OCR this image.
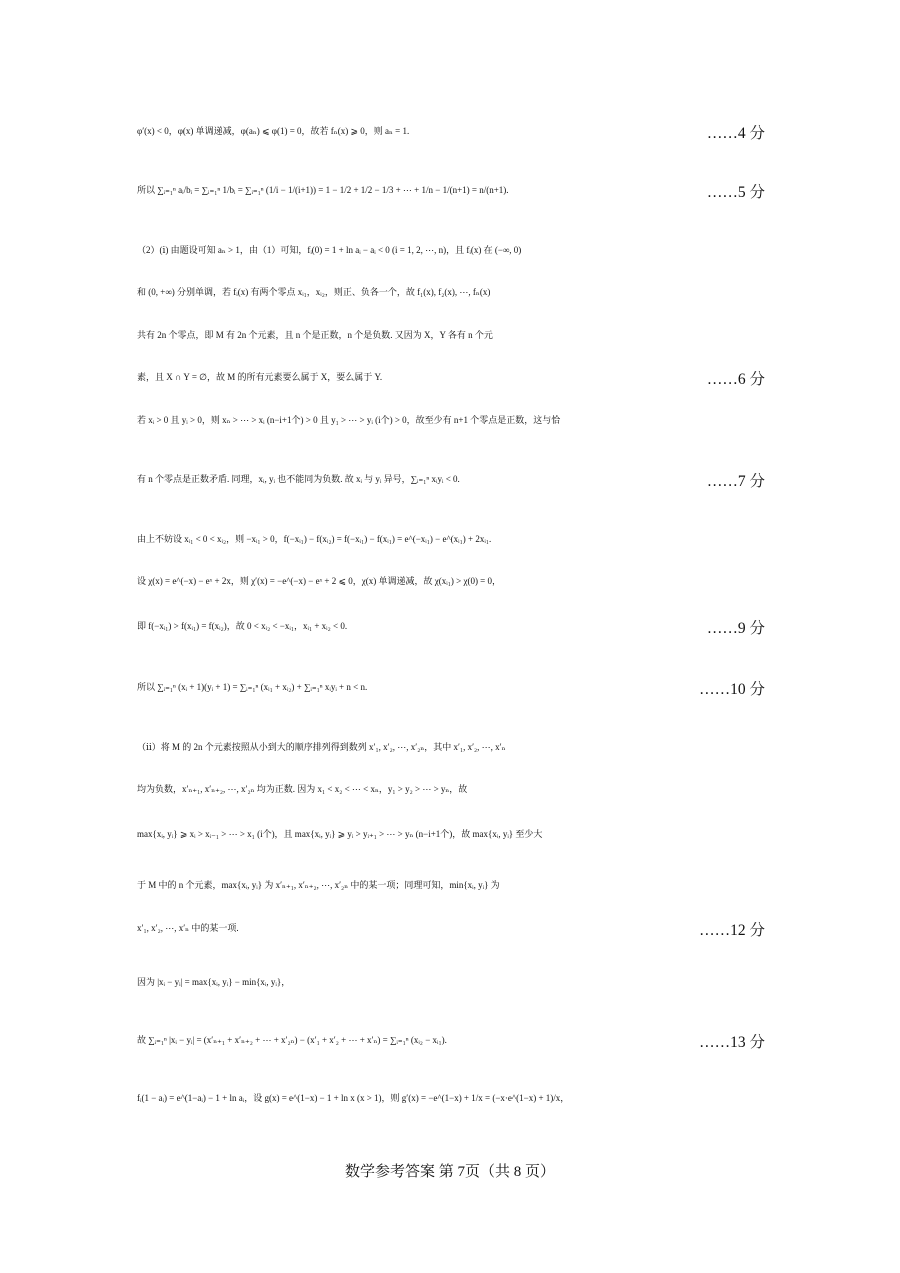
φ′(x) < 0，φ(x) 单调递减，φ(aₙ) ⩽ φ(1) = 0，故若 fₙ(x) ⩾ 0，则 aₙ = 1.	……4 分
所以 ∑ᵢ₌₁ⁿ aᵢ/bᵢ = ∑ᵢ₌₁ⁿ 1/bᵢ = ∑ᵢ₌₁ⁿ (1/i − 1/(i+1)) = 1 − 1/2 + 1/2 − 1/3 + ⋯ + 1/n − 1/(n+1) = n/(n+1).	……5 分
（2）(ⅰ) 由题设可知 aₙ > 1，由（1）可知，fᵢ(0) = 1 + ln aᵢ − aᵢ < 0 (i = 1, 2, ⋯, n)，且 fᵢ(x) 在 (−∞, 0)
和 (0, +∞) 分别单调，若 fᵢ(x) 有两个零点 xᵢ₁，xᵢ₂，则正、负各一个，故 f₁(x), f₂(x), ⋯, fₙ(x)
共有 2n 个零点，即 M 有 2n 个元素，且 n 个是正数，n 个是负数. 又因为 X，Y 各有 n 个元
素，且 X ∩ Y = ∅，故 M 的所有元素要么属于 X，要么属于 Y.	……6 分
若 xᵢ > 0 且 yᵢ > 0，则 xₙ > ⋯ > xᵢ (n−i+1个) > 0 且 y₁ > ⋯ > yᵢ (i个) > 0，故至少有 n+1 个零点是正数，这与恰
有 n 个零点是正数矛盾. 同理，xᵢ, yᵢ 也不能同为负数. 故 xᵢ 与 yᵢ 异号，∑ᵢ₌₁ⁿ xᵢyᵢ < 0.	……7 分
由上不妨设 xᵢ₁ < 0 < xᵢ₂，则 −xᵢ₁ > 0，f(−xᵢ₁) − f(xᵢ₂) = f(−xᵢ₁) − f(xᵢ₁) = e^(−xᵢ₁) − e^(xᵢ₁) + 2xᵢ₁.
设 χ(x) = e^(−x) − eˣ + 2x，则 χ′(x) = −e^(−x) − eˣ + 2 ⩽ 0，χ(x) 单调递减，故 χ(xᵢ₁) > χ(0) = 0，
即 f(−xᵢ₁) > f(xᵢ₁) = f(xᵢ₂)，故 0 < xᵢ₂ < −xᵢ₁，xᵢ₁ + xᵢ₂ < 0.	……9 分
所以 ∑ᵢ₌₁ⁿ (xᵢ + 1)(yᵢ + 1) = ∑ᵢ₌₁ⁿ (xᵢ₁ + xᵢ₂) + ∑ᵢ₌₁ⁿ xᵢyᵢ + n < n.	……10 分
（ⅱ）将 M 的 2n 个元素按照从小到大的顺序排列得到数列 x′₁, x′₂, ⋯, x′₂ₙ，其中 x′₁, x′₂, ⋯, x′ₙ
均为负数，x′ₙ₊₁, x′ₙ₊₂, ⋯, x′₂ₙ 均为正数. 因为 x₁ < x₂ < ⋯ < xₙ，y₁ > y₂ > ⋯ > yₙ，故
max{xᵢ, yᵢ} ⩾ xᵢ > xᵢ₋₁ > ⋯ > x₁ (i个)，且 max{xᵢ, yᵢ} ⩾ yᵢ > yᵢ₊₁ > ⋯ > yₙ (n−i+1个)，故 max{xᵢ, yᵢ} 至少大
于 M 中的 n 个元素，max{xᵢ, yᵢ} 为 x′ₙ₊₁, x′ₙ₊₂, ⋯, x′₂ₙ 中的某一项；同理可知，min{xᵢ, yᵢ} 为
x′₁, x′₂, ⋯, x′ₙ 中的某一项.	……12 分
因为 |xᵢ − yᵢ| = max{xᵢ, yᵢ} − min{xᵢ, yᵢ}，
故 ∑ᵢ₌₁ⁿ |xᵢ − yᵢ| = (x′ₙ₊₁ + x′ₙ₊₂ + ⋯ + x′₂ₙ) − (x′₁ + x′₂ + ⋯ + x′ₙ) = ∑ᵢ₌₁ⁿ (xᵢ₂ − xᵢ₁).	……13 分
fᵢ(1 − aᵢ) = e^(1−aᵢ) − 1 + ln aᵢ，设 g(x) = e^(1−x) − 1 + ln x (x > 1)，则 g′(x) = −e^(1−x) + 1/x = (−x·e^(1−x) + 1)/x，
数学参考答案 第 7页（共 8 页）
